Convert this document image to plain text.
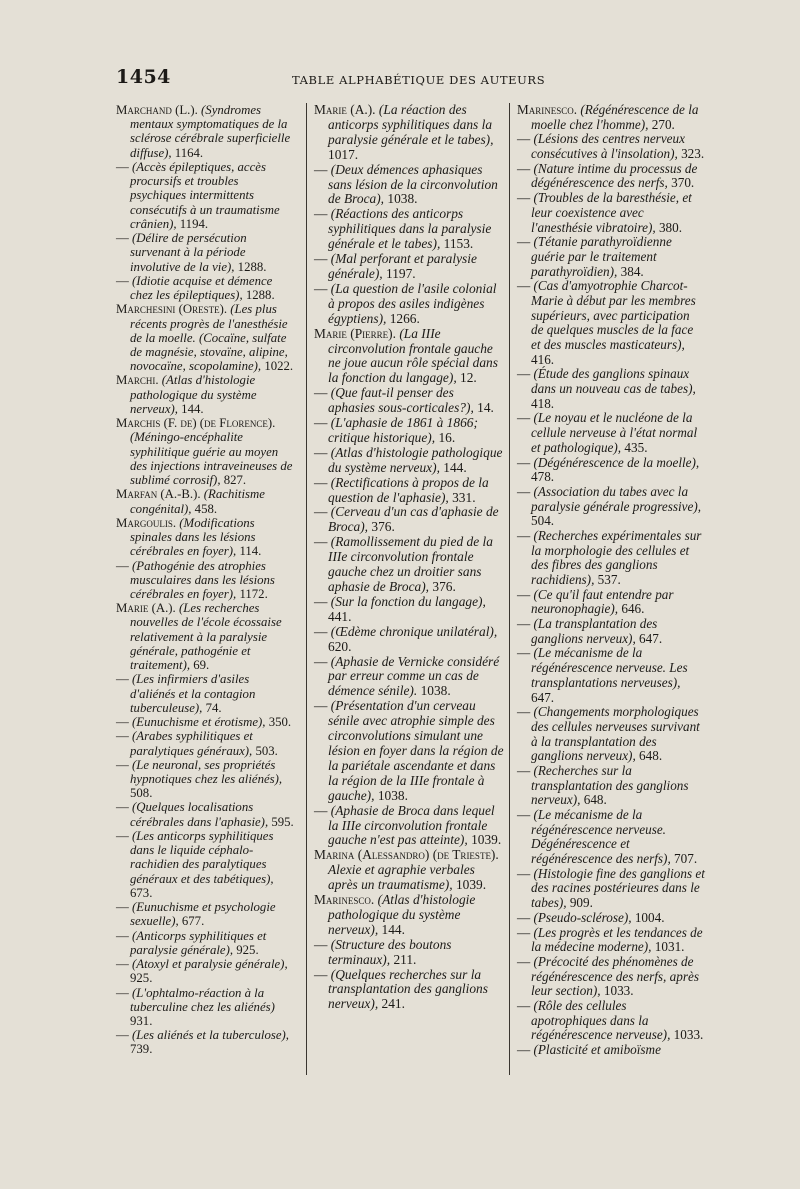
1454	TABLE ALPHABÉTIQUE DES AUTEURS

Marchand (L.). (Syndromes mentaux symptomatiques de la sclérose cérébrale superficielle diffuse), 1164.

— (Accès épileptiques, accès procursifs et troubles psychiques intermittents consécutifs à un traumatisme crânien), 1194.

— (Délire de persécution survenant à la période involutive de la vie), 1288.

— (Idiotie acquise et démence chez les épileptiques), 1288.

Marchesini (Oreste). (Les plus récents progrès de l'anesthésie de la moelle. (Cocaïne, sulfate de magnésie, stovaïne, alipine, novocaïne, scopolamine), 1022.

Marchi. (Atlas d'histologie pathologique du système nerveux), 144.

Marchis (F. de) (de Florence). (Méningo-encéphalite syphilitique guérie au moyen des injections intraveineuses de sublimé corrosif), 827.

Marfan (A.-B.). (Rachitisme congénital), 458.

Margoulis. (Modifications spinales dans les lésions cérébrales en foyer), 114.

— (Pathogénie des atrophies musculaires dans les lésions cérébrales en foyer), 1172.

Marie (A.). (Les recherches nouvelles de l'école écossaise relativement à la paralysie générale, pathogénie et traitement), 69.

— (Les infirmiers d'asiles d'aliénés et la contagion tuberculeuse), 74.

— (Eunuchisme et érotisme), 350.

— (Arabes syphilitiques et paralytiques généraux), 503.

— (Le neuronal, ses propriétés hypnotiques chez les aliénés), 508.

— (Quelques localisations cérébrales dans l'aphasie), 595.

— (Les anticorps syphilitiques dans le liquide céphalo-rachidien des paralytiques généraux et des tabétiques), 673.

— (Eunuchisme et psychologie sexuelle), 677.

— (Anticorps syphilitiques et paralysie générale), 925.

— (Atoxyl et paralysie générale), 925.

— (L'ophtalmo-réaction à la tuberculine chez les aliénés) 931.

— (Les aliénés et la tuberculose), 739.

Marie (A.). (La réaction des anticorps syphilitiques dans la paralysie générale et le tabes), 1017.

— (Deux démences aphasiques sans lésion de la circonvolution de Broca), 1038.

— (Réactions des anticorps syphilitiques dans la paralysie générale et le tabes), 1153.

— (Mal perforant et paralysie générale), 1197.

— (La question de l'asile colonial à propos des asiles indigènes égyptiens), 1266.

Marie (Pierre). (La IIIe circonvolution frontale gauche ne joue aucun rôle spécial dans la fonction du langage), 12.

— (Que faut-il penser des aphasies sous-corticales?), 14.

— (L'aphasie de 1861 à 1866; critique historique), 16.

— (Atlas d'histologie pathologique du système nerveux), 144.

— (Rectifications à propos de la question de l'aphasie), 331.

— (Cerveau d'un cas d'aphasie de Broca), 376.

— (Ramollissement du pied de la IIIe circonvolution frontale gauche chez un droitier sans aphasie de Broca), 376.

— (Sur la fonction du langage), 441.

— (Œdème chronique unilatéral), 620.

— (Aphasie de Vernicke considéré par erreur comme un cas de démence sénile). 1038.

— (Présentation d'un cerveau sénile avec atrophie simple des circonvolutions simulant une lésion en foyer dans la région de la pariétale ascendante et dans la région de la IIIe frontale à gauche), 1038.

— (Aphasie de Broca dans lequel la IIIe circonvolution frontale gauche n'est pas atteinte), 1039.

Marina (Alessandro) (de Trieste). Alexie et agraphie verbales après un traumatisme), 1039.

Marinesco. (Atlas d'histologie pathologique du système nerveux), 144.

— (Structure des boutons terminaux), 211.

— (Quelques recherches sur la transplantation des ganglions nerveux), 241.

Marinesco. (Régénérescence de la moelle chez l'homme), 270.

— (Lésions des centres nerveux consécutives à l'insolation), 323.

— (Nature intime du processus de dégénérescence des nerfs, 370.

— (Troubles de la baresthésie, et leur coexistence avec l'anesthésie vibratoire), 380.

— (Tétanie parathyroïdienne guérie par le traitement parathyroïdien), 384.

— (Cas d'amyotrophie Charcot-Marie à début par les membres supérieurs, avec participation de quelques muscles de la face et des muscles masticateurs), 416.

— (Étude des ganglions spinaux dans un nouveau cas de tabes), 418.

— (Le noyau et le nucléone de la cellule nerveuse à l'état normal et pathologique), 435.

— (Dégénérescence de la moelle), 478.

— (Association du tabes avec la paralysie générale progressive), 504.

— (Recherches expérimentales sur la morphologie des cellules et des fibres des ganglions rachidiens), 537.

— (Ce qu'il faut entendre par neuronophagie), 646.

— (La transplantation des ganglions nerveux), 647.

— (Le mécanisme de la régénérescence nerveuse. Les transplantations nerveuses), 647.

— (Changements morphologiques des cellules nerveuses survivant à la transplantation des ganglions nerveux), 648.

— (Recherches sur la transplantation des ganglions nerveux), 648.

— (Le mécanisme de la régénérescence nerveuse. Dégénérescence et régénérescence des nerfs), 707.

— (Histologie fine des ganglions et des racines postérieures dans le tabes), 909.

— (Pseudo-sclérose), 1004.

— (Les progrès et les tendances de la médecine moderne), 1031.

— (Précocité des phénomènes de régénérescence des nerfs, après leur section), 1033.

— (Rôle des cellules apotrophiques dans la régénérescence nerveuse), 1033.

— (Plasticité et amiboïsme
